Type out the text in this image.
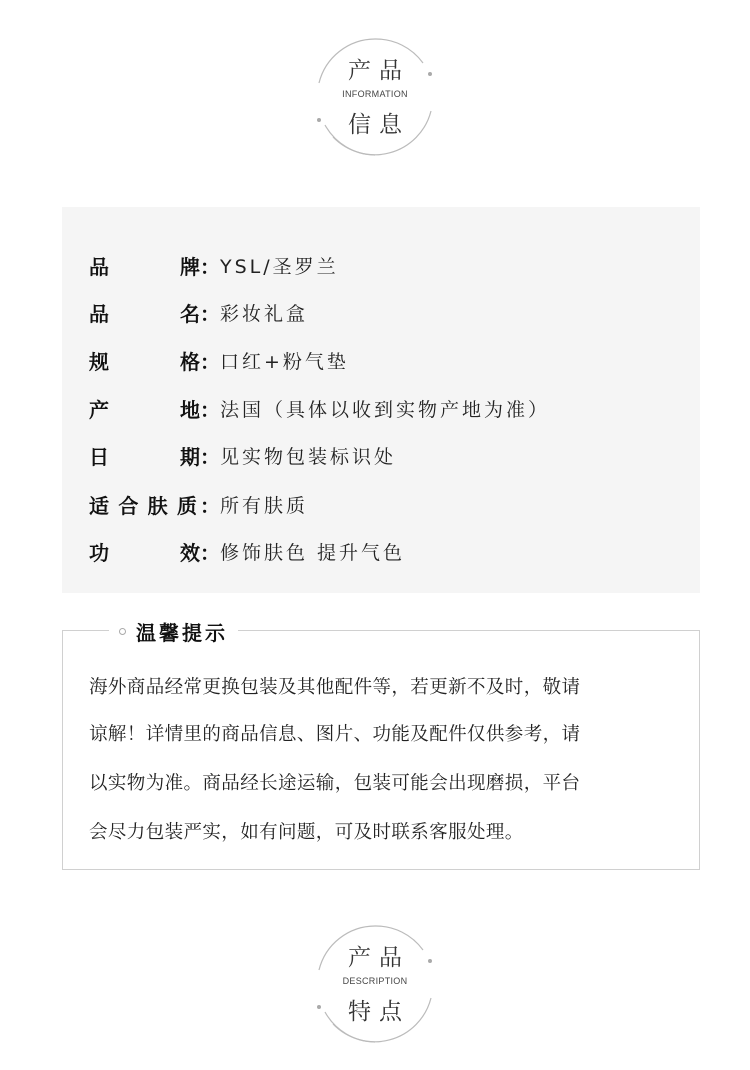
产品
INFORMATION
信息
品	牌 ： YSL/圣罗兰
品	名 ： 彩妆礼盒
规	格 ： 口红+粉气垫
产	地 ： 法国（具体以收到实物产地为准）
日	期 ： 见实物包装标识处
适 合 肤 质 ： 所有肤质
功	效 ： 修饰肤色 提升气色
温馨提示
海外商品经常更换包装及其他配件等，若更新不及时，敬请
谅解！详情里的商品信息、图片、功能及配件仅供参考，请
以实物为准。商品经长途运输，包装可能会出现磨损，平台
会尽力包装严实，如有问题，可及时联系客服处理。
产品
DESCRIPTION
特点
